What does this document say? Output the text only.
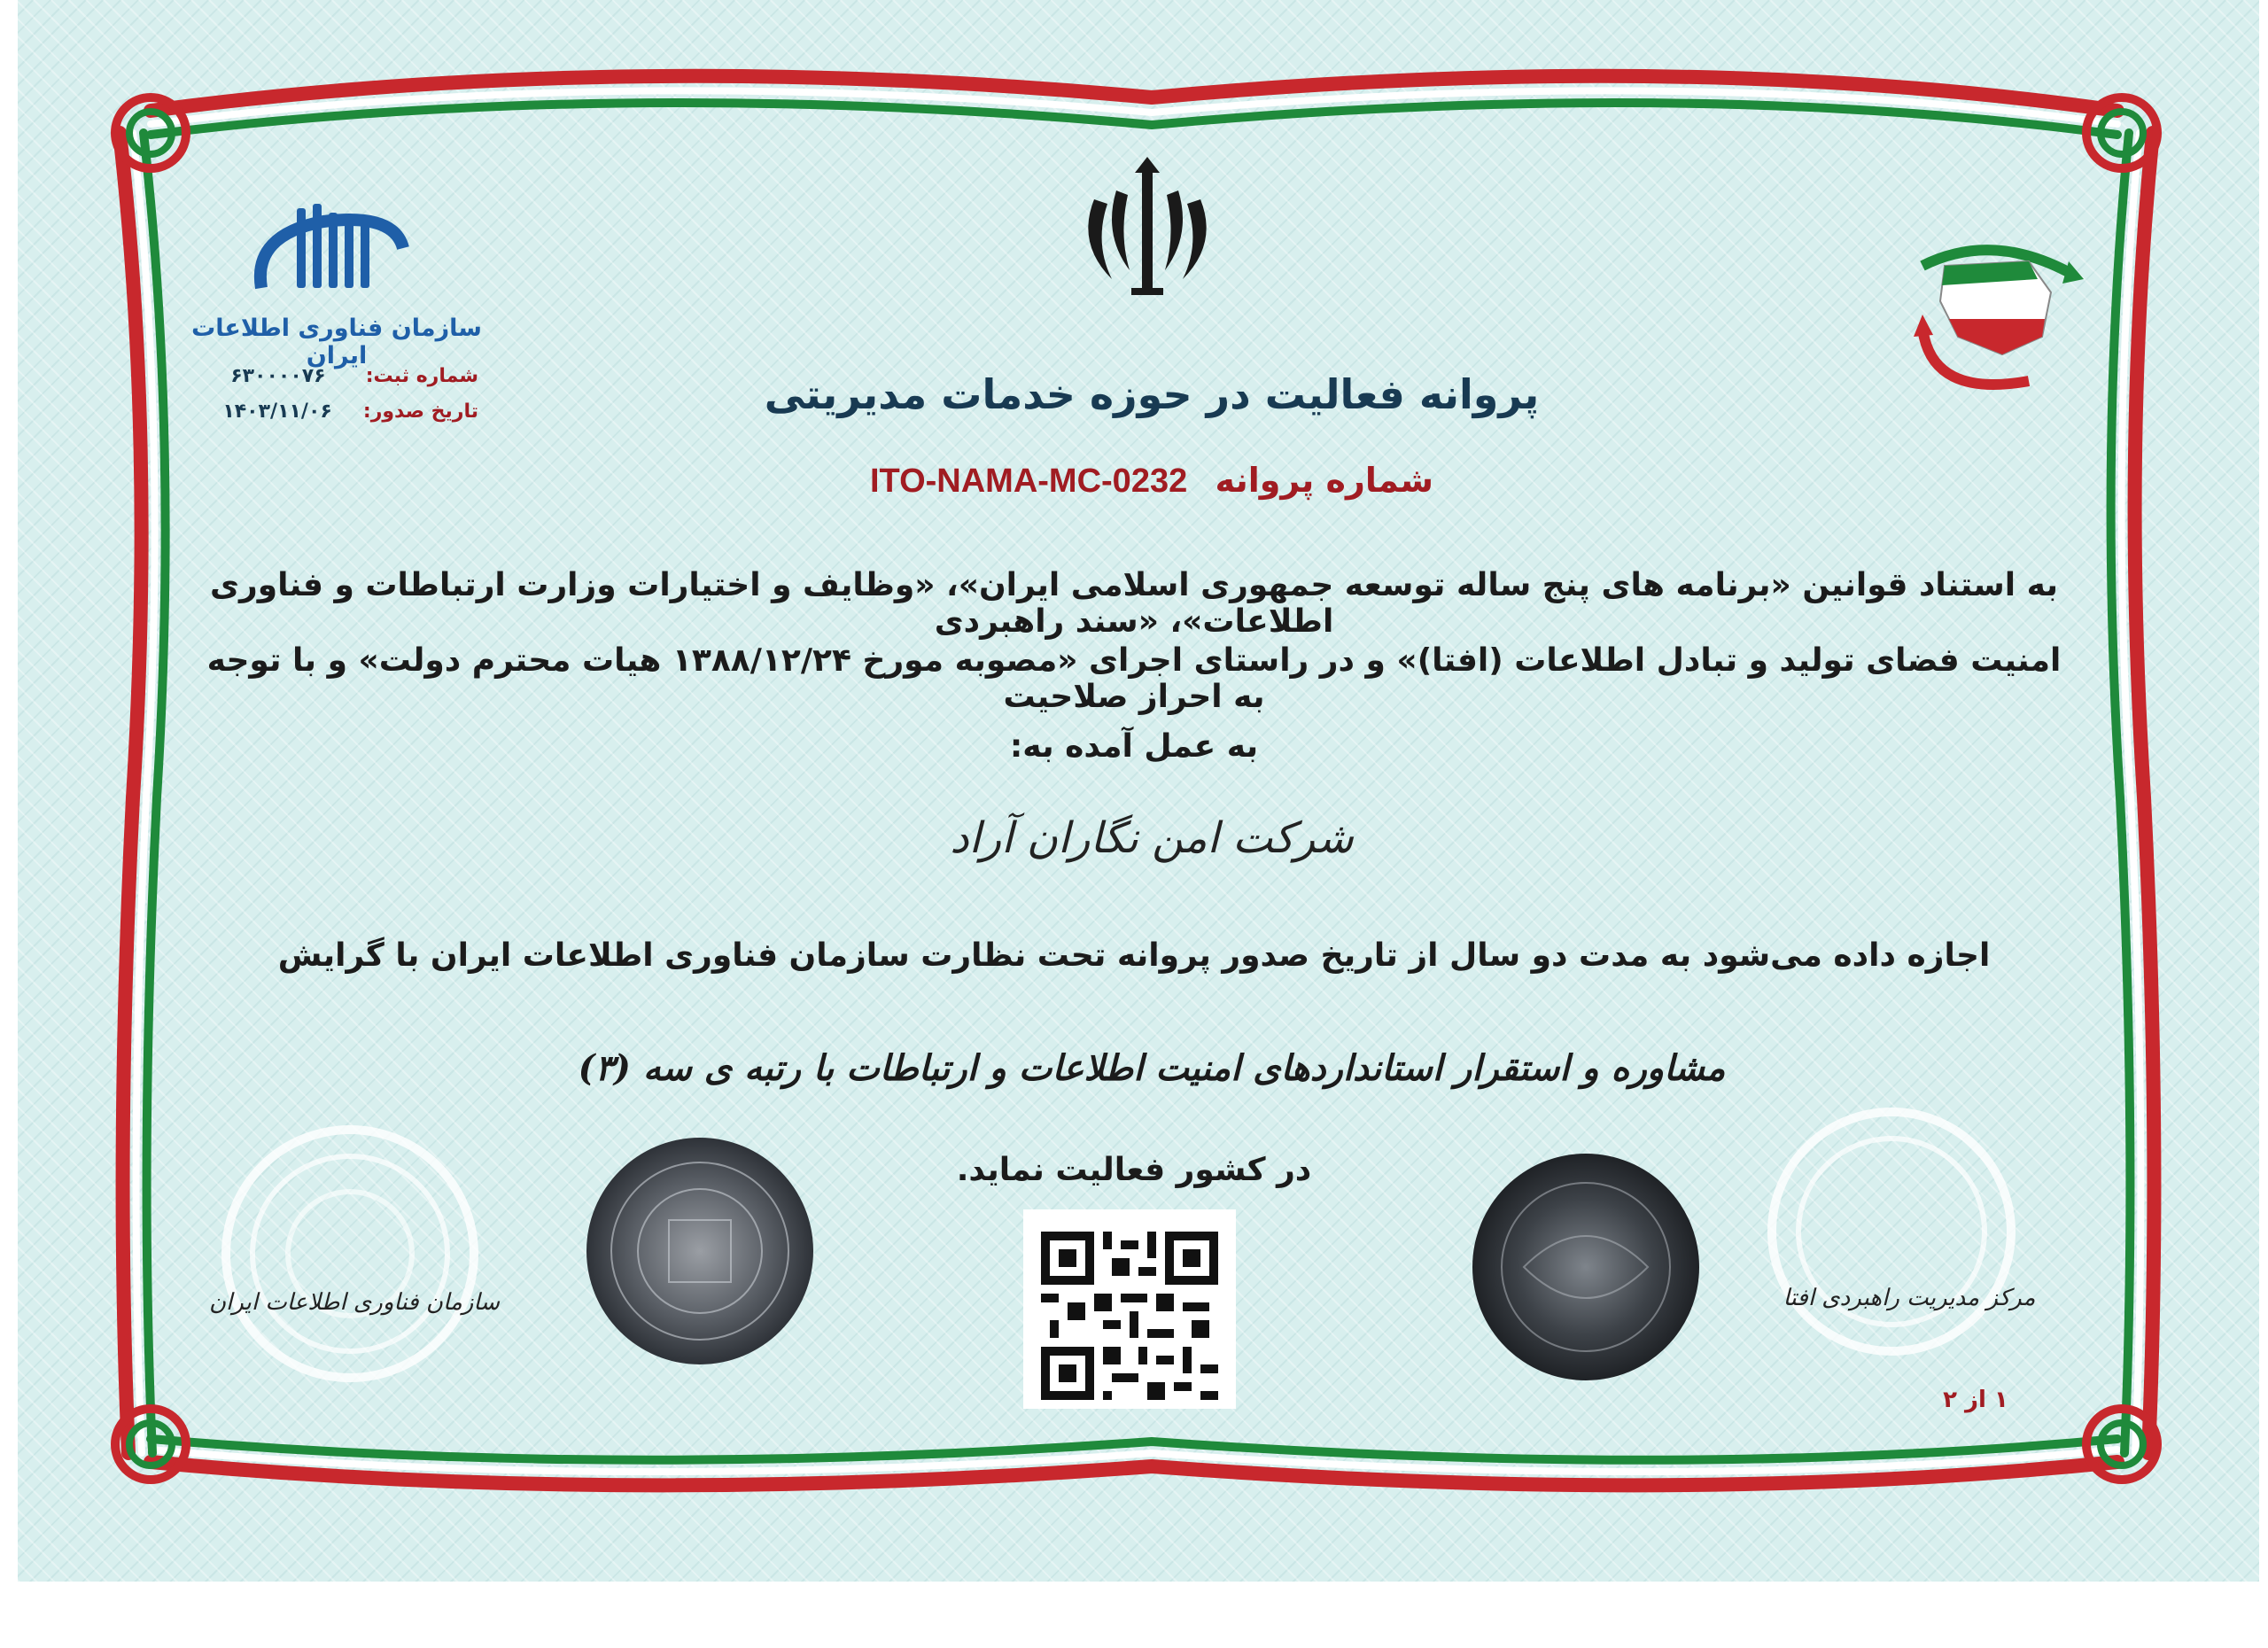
سازمان فناوری اطلاعات ایران
شماره ثبت: ۶۳۰۰۰۰۷۶
تاریخ صدور: ۱۴۰۳/۱۱/۰۶	پروانه فعالیت در حوزه خدمات مدیریتی
شماره پروانه ITO-NAMA-MC-0232
به استناد قوانین «برنامه های پنج ساله توسعه جمهوری اسلامی ایران»، «وظایف و اختیارات وزارت ارتباطات و فناوری اطلاعات»، «سند راهبردی
امنیت فضای تولید و تبادل اطلاعات (افتا)» و در راستای اجرای «مصوبه مورخ ۱۳۸۸/۱۲/۲۴ هیات محترم دولت» و با توجه به احراز صلاحیت
به عمل آمده به:
شرکت امن نگاران آراد
اجازه داده می‌شود به مدت دو سال از تاریخ صدور پروانه تحت نظارت سازمان فناوری اطلاعات ایران با گرایش
مشاوره و استقرار استانداردهای امنیت اطلاعات و ارتباطات با رتبه ی سه (۳)
در کشور فعالیت نماید.
سازمان فناوری اطلاعات ایران	مرکز مدیریت راهبردی افتا
۱ از ۲
